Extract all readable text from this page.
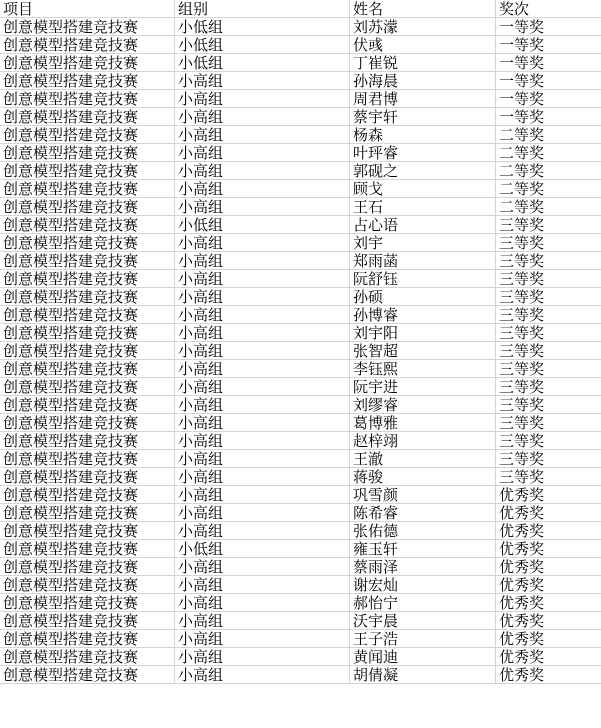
项目	组别	姓名	奖次
创意模型搭建竞技赛	小低组	刘苏濛	一等奖
创意模型搭建竞技赛	小低组	伏彧	一等奖
创意模型搭建竞技赛	小低组	丁崔锐	一等奖
创意模型搭建竞技赛	小高组	孙海晨	一等奖
创意模型搭建竞技赛	小高组	周君博	一等奖
创意模型搭建竞技赛	小高组	蔡宇轩	一等奖
创意模型搭建竞技赛	小高组	杨森	二等奖
创意模型搭建竞技赛	小高组	叶玶睿	二等奖
创意模型搭建竞技赛	小高组	郭砚之	二等奖
创意模型搭建竞技赛	小高组	顾戈	二等奖
创意模型搭建竞技赛	小高组	王石	二等奖
创意模型搭建竞技赛	小低组	占心语	三等奖
创意模型搭建竞技赛	小高组	刘宇	三等奖
创意模型搭建竞技赛	小高组	郑雨菡	三等奖
创意模型搭建竞技赛	小高组	阮舒钰	三等奖
创意模型搭建竞技赛	小高组	孙硕	三等奖
创意模型搭建竞技赛	小高组	孙博睿	三等奖
创意模型搭建竞技赛	小高组	刘宇阳	三等奖
创意模型搭建竞技赛	小高组	张智超	三等奖
创意模型搭建竞技赛	小高组	李钰熙	三等奖
创意模型搭建竞技赛	小高组	阮宇进	三等奖
创意模型搭建竞技赛	小高组	刘缪睿	三等奖
创意模型搭建竞技赛	小高组	葛博雅	三等奖
创意模型搭建竞技赛	小高组	赵梓翊	三等奖
创意模型搭建竞技赛	小高组	王澈	三等奖
创意模型搭建竞技赛	小高组	蒋骏	三等奖
创意模型搭建竞技赛	小高组	巩雪颜	优秀奖
创意模型搭建竞技赛	小高组	陈希睿	优秀奖
创意模型搭建竞技赛	小高组	张佑德	优秀奖
创意模型搭建竞技赛	小低组	雍玉轩	优秀奖
创意模型搭建竞技赛	小高组	蔡雨泽	优秀奖
创意模型搭建竞技赛	小高组	谢宏灿	优秀奖
创意模型搭建竞技赛	小高组	郝怡宁	优秀奖
创意模型搭建竞技赛	小高组	沃宇晨	优秀奖
创意模型搭建竞技赛	小高组	王子浩	优秀奖
创意模型搭建竞技赛	小高组	黄闻迪	优秀奖
创意模型搭建竞技赛	小高组	胡倩凝	优秀奖
